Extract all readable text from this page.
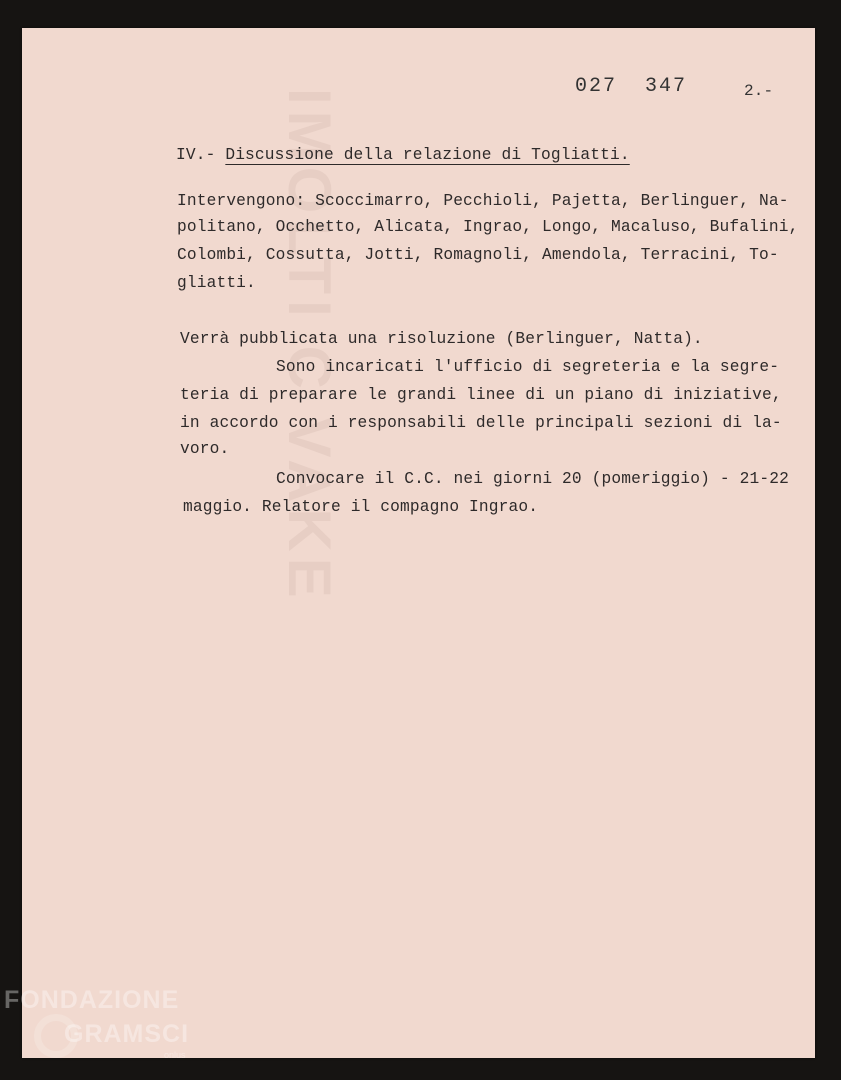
IMOLTI C VAKE
027  347	2.-
IV.- Discussione della relazione di Togliatti.
Intervengono: Scoccimarro, Pecchioli, Pajetta, Berlinguer, Na-
politano, Occhetto, Alicata, Ingrao, Longo, Macaluso, Bufalini,
Colombi, Cossutta, Jotti, Romagnoli, Amendola, Terracini, To-
gliatti.
Verrà pubblicata una risoluzione (Berlinguer, Natta).
Sono incaricati l'ufficio di segreteria e la segre-
teria di preparare le grandi linee di un piano di iniziative,
in accordo con i responsabili delle principali sezioni di la-
voro.
Convocare il C.C. nei giorni 20 (pomeriggio) - 21-22
maggio. Relatore il compagno Ingrao.
FONDAZIONE
GRAMSCI
onlus
